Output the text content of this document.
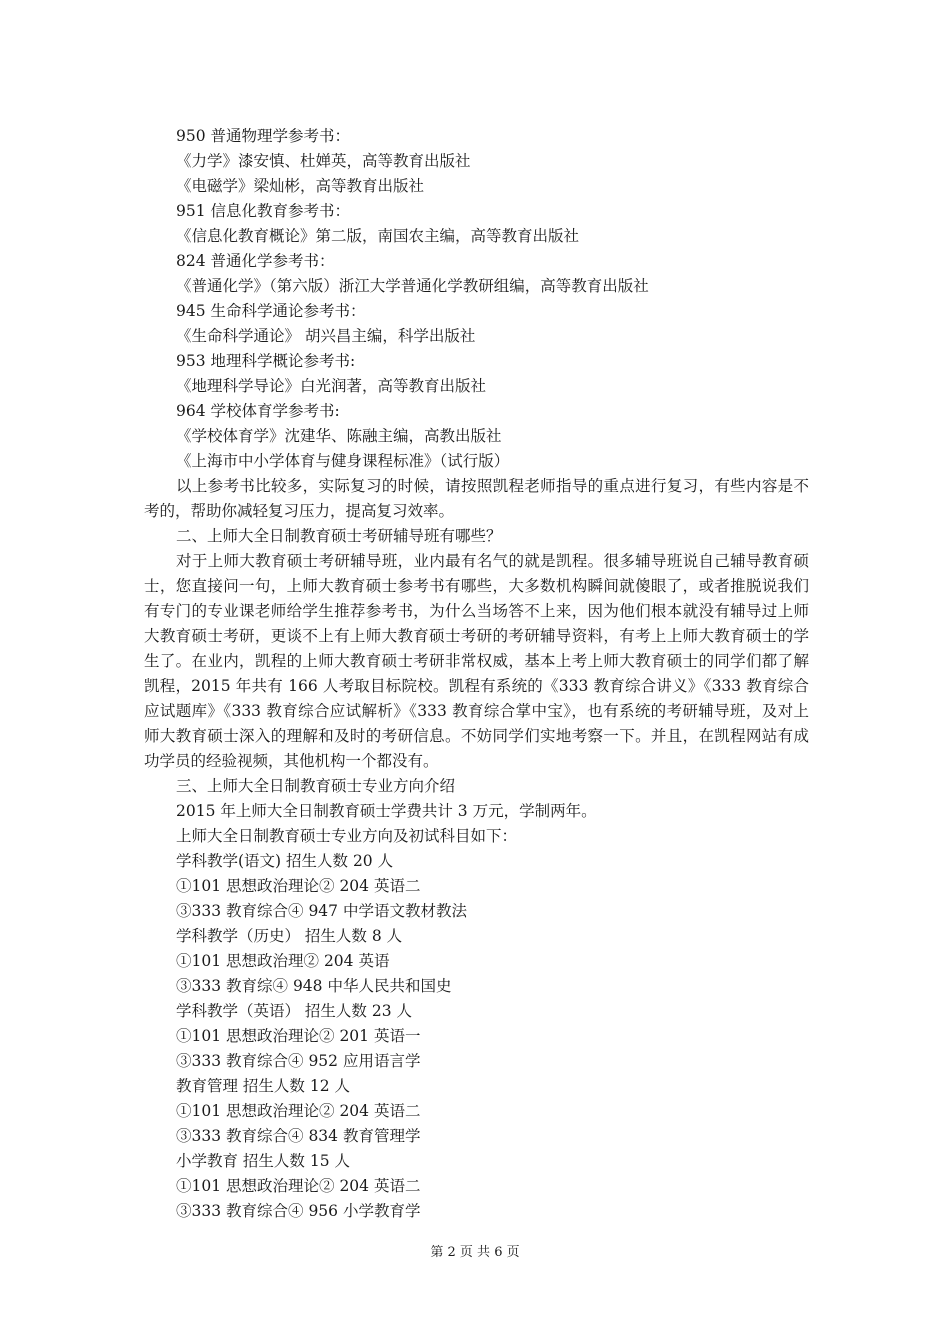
950 普通物理学参考书：
《力学》漆安慎、杜婵英，高等教育出版社
《电磁学》梁灿彬，高等教育出版社
951 信息化教育参考书：
《信息化教育概论》第二版，南国农主编，高等教育出版社
824 普通化学参考书：
《普通化学》（第六版）浙江大学普通化学教研组编，高等教育出版社
945 生命科学通论参考书：
《生命科学通论》 胡兴昌主编，科学出版社
953 地理科学概论参考书:
《地理科学导论》白光润著，高等教育出版社
964 学校体育学参考书:
《学校体育学》沈建华、陈融主编，高教出版社
《上海市中小学体育与健身课程标准》（试行版）

以上参考书比较多，实际复习的时候，请按照凯程老师指导的重点进行复习，有些内容是不考的，帮助你减轻复习压力，提高复习效率。

二、上师大全日制教育硕士考研辅导班有哪些？

对于上师大教育硕士考研辅导班，业内最有名气的就是凯程。很多辅导班说自己辅导教育硕士，您直接问一句，上师大教育硕士参考书有哪些，大多数机构瞬间就傻眼了，或者推脱说我们有专门的专业课老师给学生推荐参考书，为什么当场答不上来，因为他们根本就没有辅导过上师大教育硕士考研，更谈不上有上师大教育硕士考研的考研辅导资料，有考上上师大教育硕士的学生了。在业内，凯程的上师大教育硕士考研非常权威，基本上考上师大教育硕士的同学们都了解凯程，2015 年共有 166 人考取目标院校。凯程有系统的《333 教育综合讲义》《333 教育综合应试题库》《333 教育综合应试解析》《333 教育综合掌中宝》，也有系统的考研辅导班，及对上师大教育硕士深入的理解和及时的考研信息。不妨同学们实地考察一下。并且，在凯程网站有成功学员的经验视频，其他机构一个都没有。

三、上师大全日制教育硕士专业方向介绍
2015 年上师大全日制教育硕士学费共计 3 万元，学制两年。
上师大全日制教育硕士专业方向及初试科目如下：
学科教学(语文) 招生人数 20 人
①101 思想政治理论② 204 英语二
③333 教育综合④ 947 中学语文教材教法
学科教学（历史） 招生人数 8 人
①101 思想政治理② 204 英语
③333 教育综④ 948 中华人民共和国史
学科教学（英语） 招生人数 23 人
①101 思想政治理论② 201 英语一
③333 教育综合④ 952 应用语言学
教育管理 招生人数 12 人
①101 思想政治理论② 204 英语二
③333 教育综合④ 834 教育管理学
小学教育 招生人数 15 人
①101 思想政治理论② 204 英语二
③333 教育综合④ 956 小学教育学
第 2 页 共 6 页
